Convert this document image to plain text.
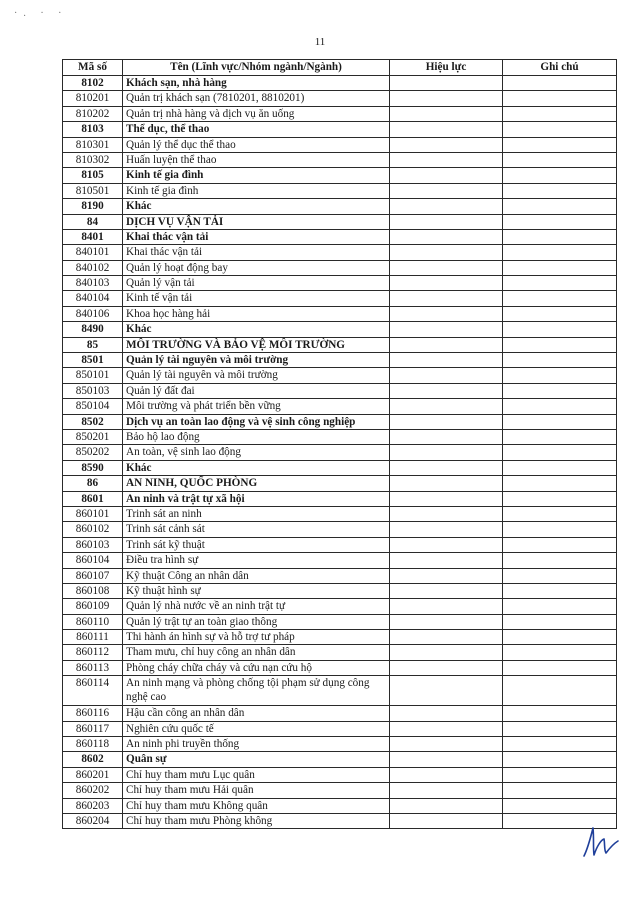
·. · ·
11
Mã số	Tên (Lĩnh vực/Nhóm ngành/Ngành)	Hiệu lực	Ghi chú
8102	Khách sạn, nhà hàng		
810201	Quản trị khách sạn (7810201, 8810201)		
810202	Quản trị nhà hàng và dịch vụ ăn uống		
8103	Thể dục, thể thao		
810301	Quản lý thể dục thể thao		
810302	Huấn luyện thể thao		
8105	Kinh tế gia đình		
810501	Kinh tế gia đình		
8190	Khác		
84	DỊCH VỤ VẬN TẢI		
8401	Khai thác vận tải		
840101	Khai thác vận tải		
840102	Quản lý hoạt động bay		
840103	Quản lý vận tải		
840104	Kinh tế vận tải		
840106	Khoa học hàng hải		
8490	Khác		
85	MÔI TRƯỜNG VÀ BẢO VỆ MÔI TRƯỜNG		
8501	Quản lý tài nguyên và môi trường		
850101	Quản lý tài nguyên và môi trường		
850103	Quản lý đất đai		
850104	Môi trường và phát triển bền vững		
8502	Dịch vụ an toàn lao động và vệ sinh công nghiệp		
850201	Bảo hộ lao động		
850202	An toàn, vệ sinh lao động		
8590	Khác		
86	AN NINH, QUỐC PHÒNG		
8601	An ninh và trật tự xã hội		
860101	Trinh sát an ninh		
860102	Trinh sát cảnh sát		
860103	Trinh sát kỹ thuật		
860104	Điều tra hình sự		
860107	Kỹ thuật Công an nhân dân		
860108	Kỹ thuật hình sự		
860109	Quản lý nhà nước về an ninh trật tự		
860110	Quản lý trật tự an toàn giao thông		
860111	Thi hành án hình sự và hỗ trợ tư pháp		
860112	Tham mưu, chỉ huy công an nhân dân		
860113	Phòng cháy chữa cháy và cứu nạn cứu hộ		
860114	An ninh mạng và phòng chống tội phạm sử dụng công nghệ cao		
860116	Hậu cần công an nhân dân		
860117	Nghiên cứu quốc tế		
860118	An ninh phi truyền thống		
8602	Quân sự		
860201	Chỉ huy tham mưu Lục quân		
860202	Chỉ huy tham mưu Hải quân		
860203	Chỉ huy tham mưu Không quân		
860204	Chỉ huy tham mưu Phòng không		
